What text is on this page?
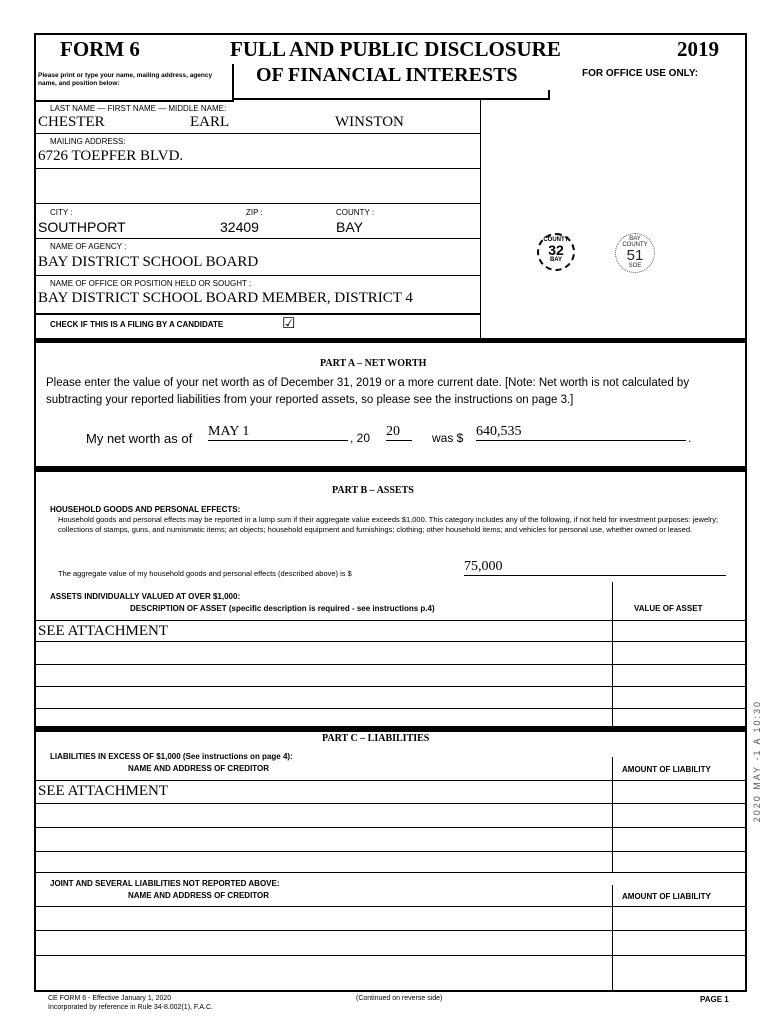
FORM 6	FULL AND PUBLIC DISCLOSURE	2019
Please print or type your name, mailing address, agency name, and position below:	OF FINANCIAL INTERESTS	FOR OFFICE USE ONLY:
LAST NAME — FIRST NAME — MIDDLE NAME:
CHESTER	EARL	WINSTON
MAILING ADDRESS:
6726 TOEPFER BLVD.
CITY :	ZIP :	COUNTY :
SOUTHPORT	32409	BAY
NAME OF AGENCY :
BAY DISTRICT SCHOOL BOARD
NAME OF OFFICE OR POSITION HELD OR SOUGHT :
BAY DISTRICT SCHOOL BOARD MEMBER, DISTRICT 4
CHECK IF THIS IS A FILING BY A CANDIDATE	☑
COUNTY
32
BAY
BAY COUNTY
51
SOE
PART A – NET WORTH
Please enter the value of your net worth as of December 31, 2019 or a more current date. [Note: Net worth is not calculated by subtracting your reported liabilities from your reported assets, so please see the instructions on page 3.]
My net worth as of MAY 1	, 20 20	was $ 640,535	.
PART B – ASSETS
HOUSEHOLD GOODS AND PERSONAL EFFECTS:
Household goods and personal effects may be reported in a lump sum if their aggregate value exceeds $1,000. This category includes any of the following, if not held for investment purposes: jewelry; collections of stamps, guns, and numismatic items; art objects; household equipment and furnishings; clothing; other household items; and vehicles for personal use, whether owned or leased.
The aggregate value of my household goods and personal effects (described above) is $	75,000
ASSETS INDIVIDUALLY VALUED AT OVER $1,000:
DESCRIPTION OF ASSET (specific description is required - see instructions p.4)	VALUE OF ASSET
SEE ATTACHMENT
PART C – LIABILITIES
LIABILITIES IN EXCESS OF $1,000 (See instructions on page 4):
NAME AND ADDRESS OF CREDITOR	AMOUNT OF LIABILITY
SEE ATTACHMENT
JOINT AND SEVERAL LIABILITIES NOT REPORTED ABOVE:
NAME AND ADDRESS OF CREDITOR	AMOUNT OF LIABILITY
CE FORM 6 - Effective January 1, 2020
Incorporated by reference in Rule 34-8.002(1), F.A.C.
(Continued on reverse side)	PAGE 1
2020 MAY -1 A 10:30
